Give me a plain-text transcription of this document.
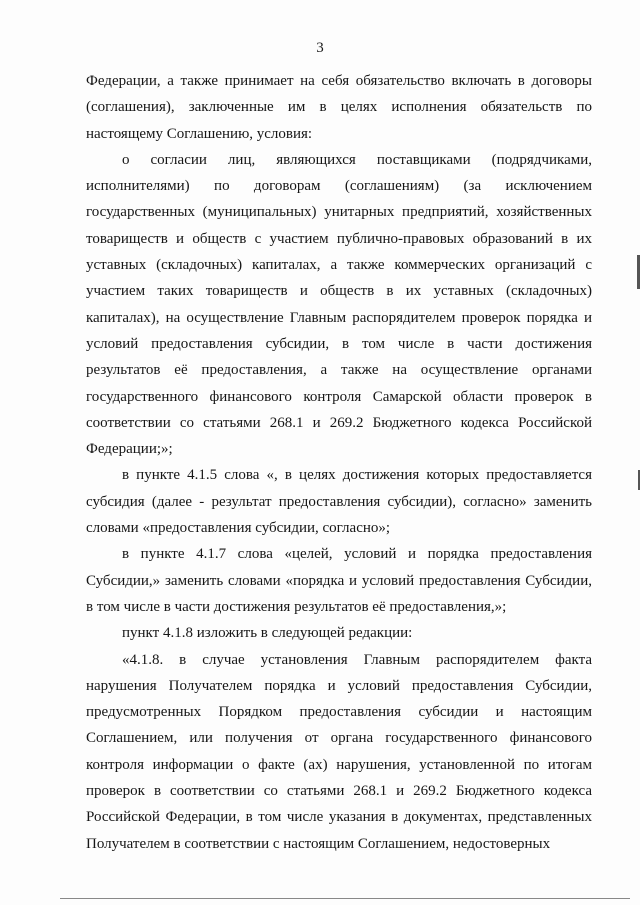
3

Федерации, а также принимает на себя обязательство включать в договоры (соглашения), заключенные им в целях исполнения обязательств по настоящему Соглашению, условия:

о согласии лиц, являющихся поставщиками (подрядчиками, исполнителями) по договорам (соглашениям) (за исключением государственных (муниципальных) унитарных предприятий, хозяйственных товариществ и обществ с участием публично-правовых образований в их уставных (складочных) капиталах, а также коммерческих организаций с участием таких товариществ и обществ в их уставных (складочных) капиталах), на осуществление Главным распорядителем проверок порядка и условий предоставления субсидии, в том числе в части достижения результатов её предоставления, а также на осуществление органами государственного финансового контроля Самарской области проверок в соответствии со статьями 268.1 и 269.2 Бюджетного кодекса Российской Федерации;»;

в пункте 4.1.5 слова «, в целях достижения которых предоставляется субсидия (далее - результат предоставления субсидии), согласно» заменить словами «предоставления субсидии, согласно»;

в пункте 4.1.7 слова «целей, условий и порядка предоставления Субсидии,» заменить словами «порядка и условий предоставления Субсидии, в том числе в части достижения результатов её предоставления,»;

пункт 4.1.8 изложить в следующей редакции:

«4.1.8. в случае установления Главным распорядителем факта нарушения Получателем порядка и условий предоставления Субсидии, предусмотренных Порядком предоставления субсидии и настоящим Соглашением, или получения от органа государственного финансового контроля информации о факте (ах) нарушения, установленной по итогам проверок в соответствии со статьями 268.1 и 269.2 Бюджетного кодекса Российской Федерации, в том числе указания в документах, представленных Получателем в соответствии с настоящим Соглашением, недостоверных
